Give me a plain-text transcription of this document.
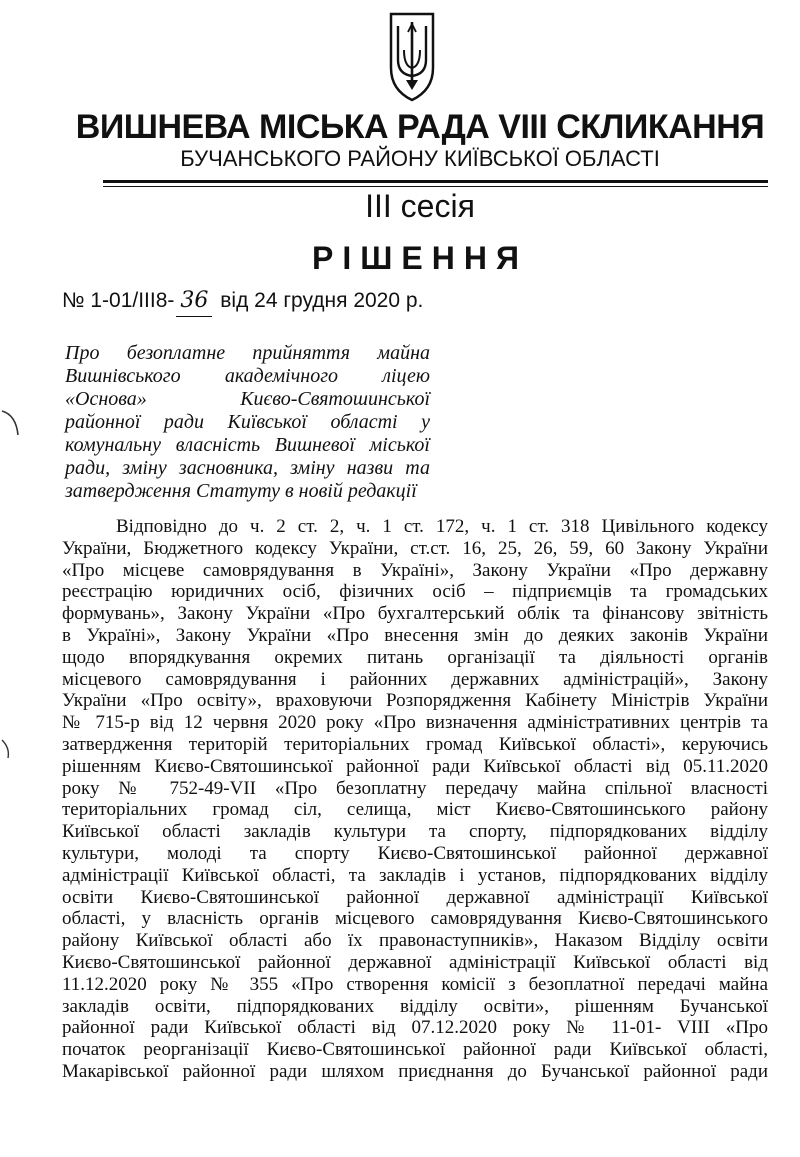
ВИШНЕВА МІСЬКА РАДА VIII СКЛИКАННЯ
БУЧАНСЬКОГО РАЙОНУ КИЇВСЬКОЇ ОБЛАСТІ
ІІІ сесія
РІШЕННЯ
№ 1-01/ІІІ8- 36 від 24 грудня 2020 р.
Про безоплатне прийняття майна
Вишнівського академічного ліцею
«Основа» Києво-Святошинської
районної ради Київської області у
комунальну власність Вишневої міської
ради, зміну засновника, зміну назви та
затвердження Статуту в новій редакції
Відповідно до ч. 2 ст. 2, ч. 1 ст. 172, ч. 1 ст. 318 Цивільного кодексу
України, Бюджетного кодексу України, ст.ст. 16, 25, 26, 59, 60 Закону України
«Про місцеве самоврядування в Україні», Закону України «Про державну
реєстрацію юридичних осіб, фізичних осіб – підприємців та громадських
формувань», Закону України «Про бухгалтерський облік та фінансову звітність
в Україні», Закону України «Про внесення змін до деяких законів України
щодо впорядкування окремих питань організації та діяльності органів
місцевого самоврядування і районних державних адміністрацій», Закону
України «Про освіту», враховуючи Розпорядження Кабінету Міністрів України
№ 715-р від 12 червня 2020 року «Про визначення адміністративних центрів та
затвердження територій територіальних громад Київської області», керуючись
рішенням Києво-Святошинської районної ради Київської області від 05.11.2020
року № 752-49-VII «Про безоплатну передачу майна спільної власності
територіальних громад сіл, селища, міст Києво-Святошинського району
Київської області закладів культури та спорту, підпорядкованих відділу
культури, молоді та спорту Києво-Святошинської районної державної
адміністрації Київської області, та закладів і установ, підпорядкованих відділу
освіти Києво-Святошинської районної державної адміністрації Київської
області, у власність органів місцевого самоврядування Києво-Святошинського
району Київської області або їх правонаступників», Наказом Відділу освіти
Києво-Святошинської районної державної адміністрації Київської області від
11.12.2020 року № 355 «Про створення комісії з безоплатної передачі майна
закладів освіти, підпорядкованих відділу освіти», рішенням Бучанської
районної ради Київської області від 07.12.2020 року № 11-01- VIII «Про
початок реорганізації Києво-Святошинської районної ради Київської області,
Макарівської районної ради шляхом приєднання до Бучанської районної ради
